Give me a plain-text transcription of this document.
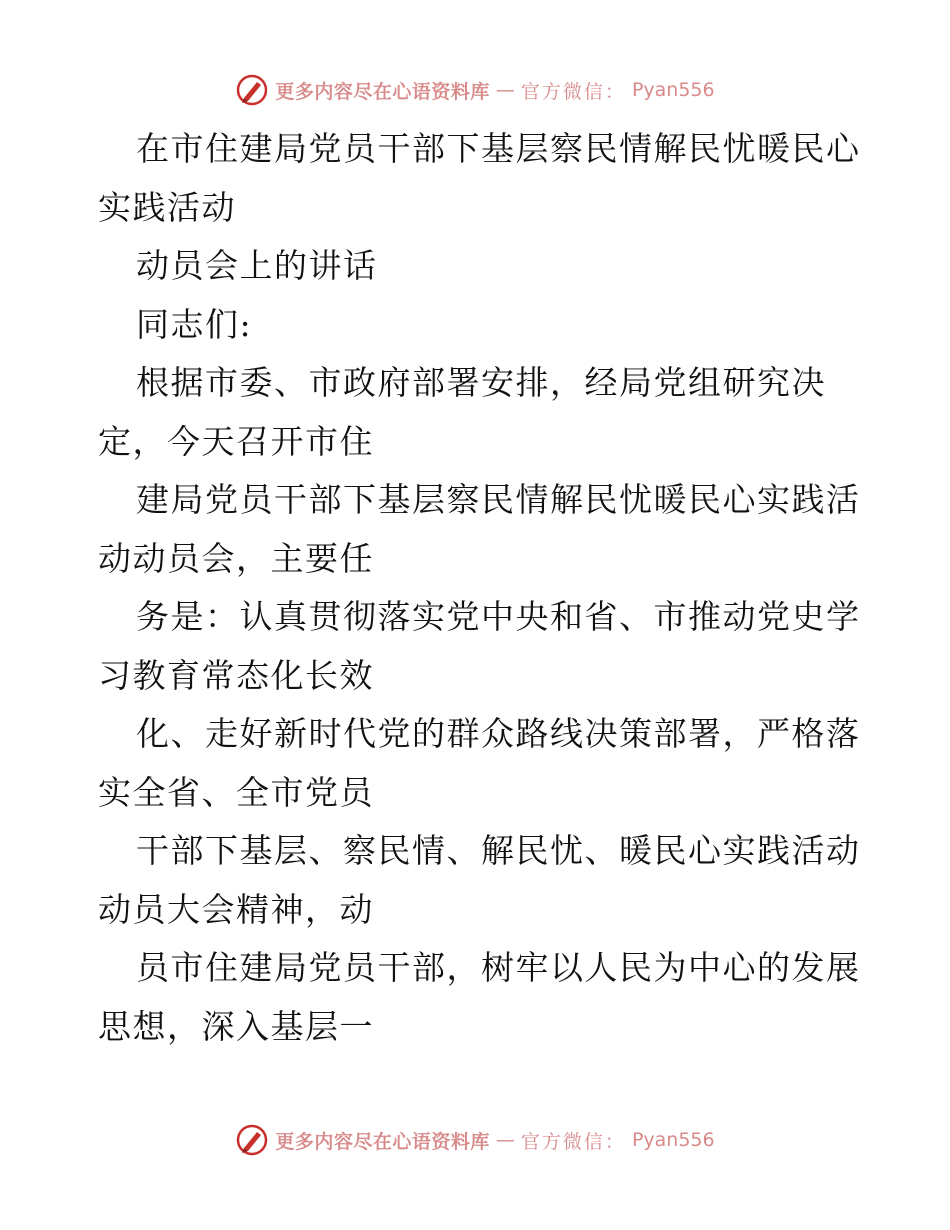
更多内容尽在心语资料库 — 官方微信： Pyan556
在市住建局党员干部下基层察民情解民忧暖民心
实践活动
动员会上的讲话
同志们:
根据市委、市政府部署安排，经局党组研究决
定，今天召开市住
建局党员干部下基层察民情解民忧暖民心实践活
动动员会，主要任
务是：认真贯彻落实党中央和省、市推动党史学
习教育常态化长效
化、走好新时代党的群众路线决策部署，严格落
实全省、全市党员
干部下基层、察民情、解民忧、暖民心实践活动
动员大会精神，动
员市住建局党员干部，树牢以人民为中心的发展
思想，深入基层一
更多内容尽在心语资料库 — 官方微信： Pyan556
